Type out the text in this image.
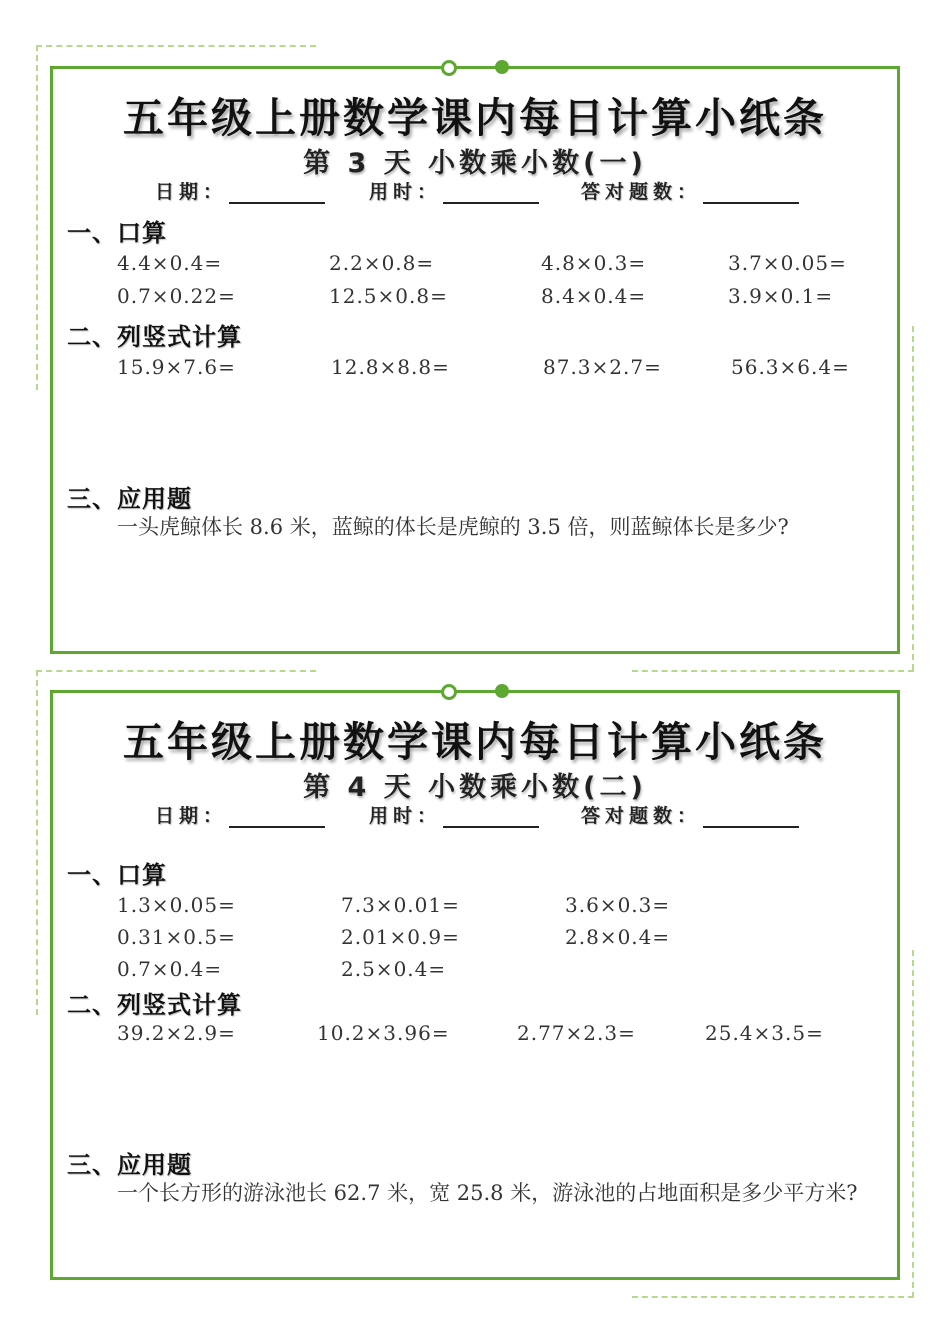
五年级上册数学课内每日计算小纸条
第 3 天 小数乘小数(一)
日期：	用时：	答对题数：
一、口算
4.4×0.4=	2.2×0.8=	4.8×0.3=	3.7×0.05=
0.7×0.22=	12.5×0.8=	8.4×0.4=	3.9×0.1=
二、列竖式计算
15.9×7.6=	12.8×8.8=	87.3×2.7=	56.3×6.4=
三、应用题
一头虎鲸体长 8.6 米，蓝鲸的体长是虎鲸的 3.5 倍，则蓝鲸体长是多少?
五年级上册数学课内每日计算小纸条
第 4 天 小数乘小数(二)
日期：	用时：	答对题数：
一、口算
1.3×0.05=	7.3×0.01=	3.6×0.3=
0.31×0.5=	2.01×0.9=	2.8×0.4=
0.7×0.4=	2.5×0.4=
二、列竖式计算
39.2×2.9=	10.2×3.96=	2.77×2.3=	25.4×3.5=
三、应用题
一个长方形的游泳池长 62.7 米，宽 25.8 米，游泳池的占地面积是多少平方米?
